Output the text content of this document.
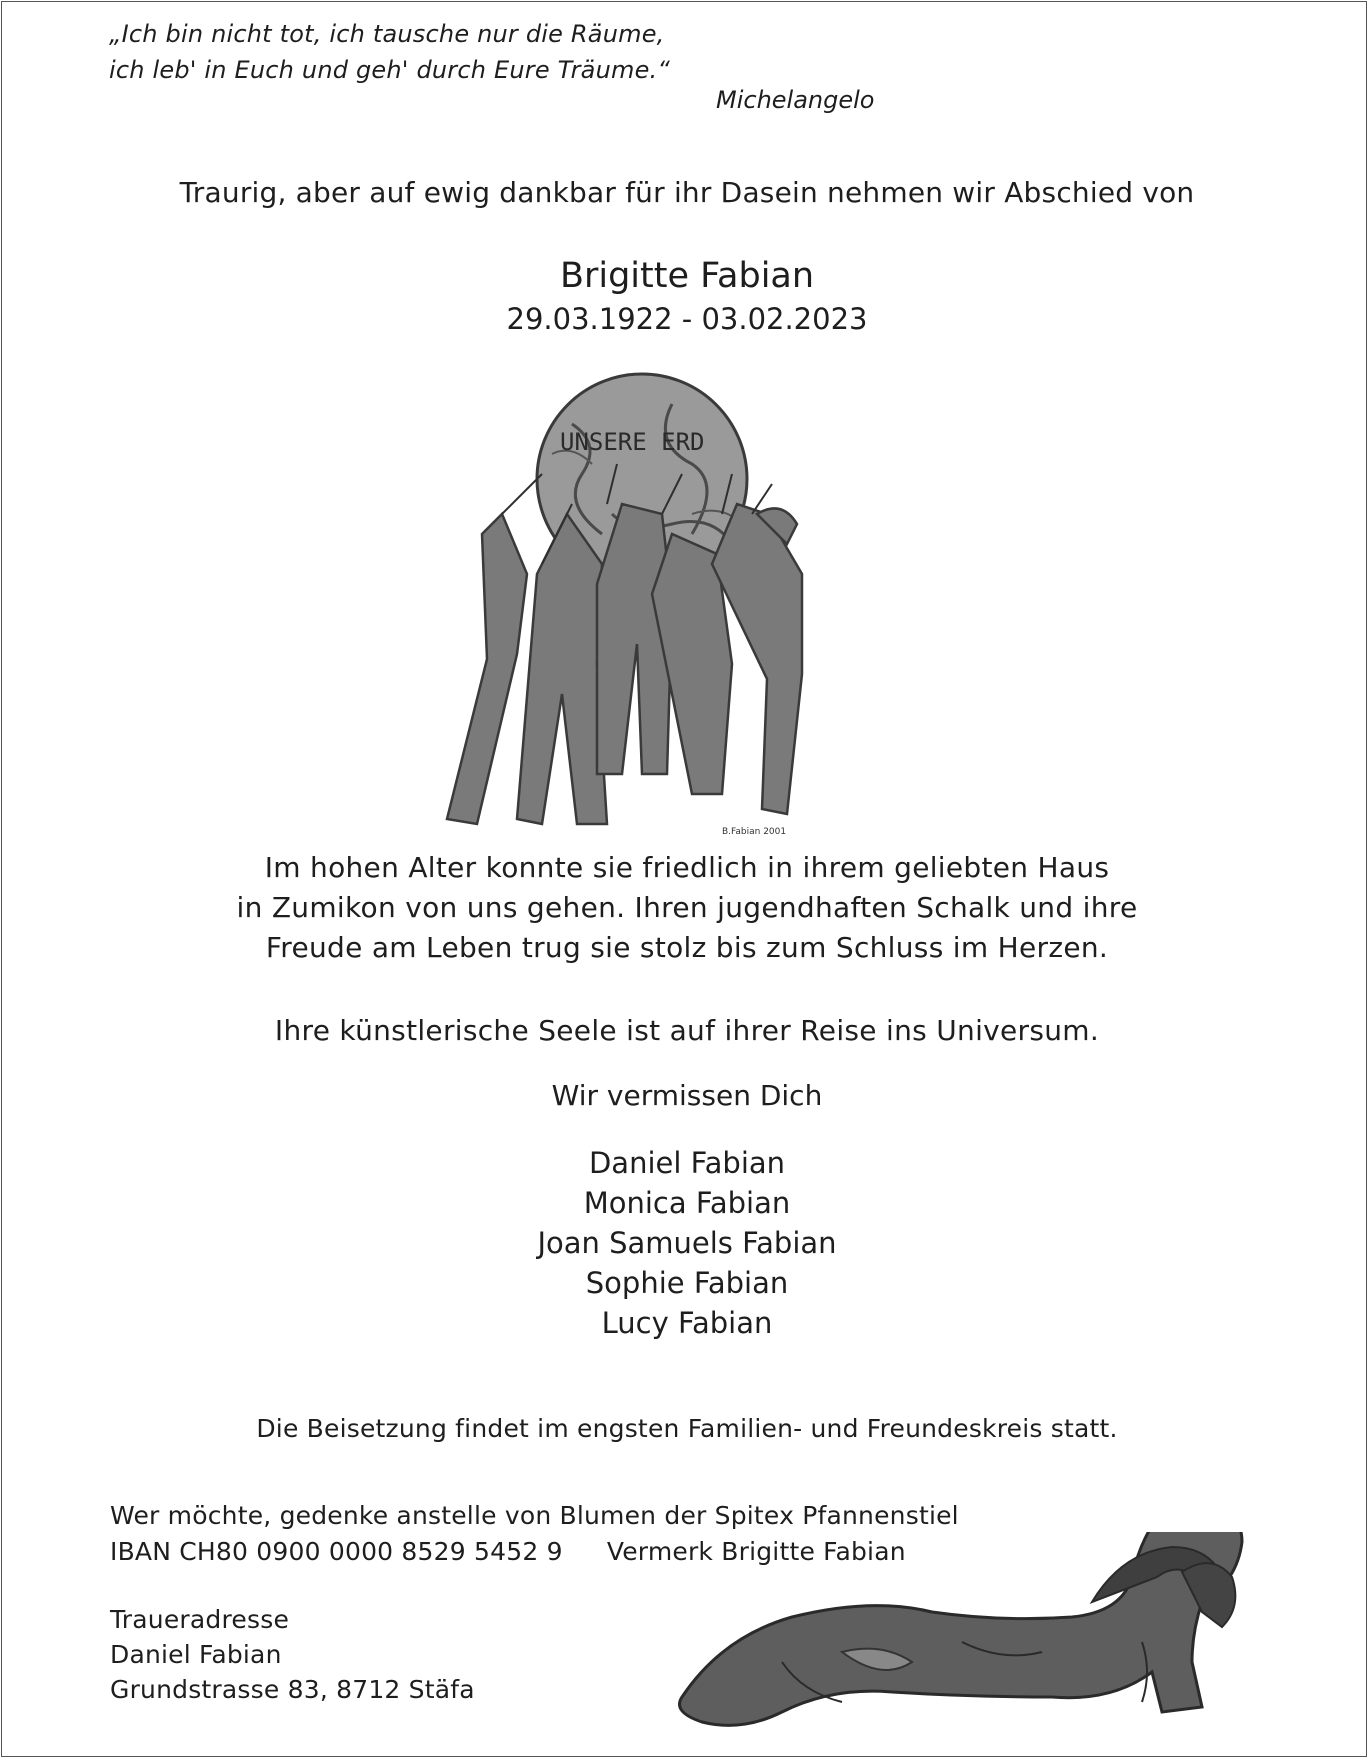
„Ich bin nicht tot, ich tausche nur die Räume,
ich leb' in Euch und geh' durch Eure Träume.“
Michelangelo
Traurig, aber auf ewig dankbar für ihr Dasein nehmen wir Abschied von
Brigitte Fabian
29.03.1922 - 03.02.2023
UNSERE ERD
B.Fabian 2001
Im hohen Alter konnte sie friedlich in ihrem geliebten Haus
in Zumikon von uns gehen. Ihren jugendhaften Schalk und ihre
Freude am Leben trug sie stolz bis zum Schluss im Herzen.
Ihre künstlerische Seele ist auf ihrer Reise ins Universum.
Wir vermissen Dich
Daniel Fabian
Monica Fabian
Joan Samuels Fabian
Sophie Fabian
Lucy Fabian
Die Beisetzung findet im engsten Familien- und Freundeskreis statt.
Wer möchte, gedenke anstelle von Blumen der Spitex Pfannenstiel
IBAN CH80 0900 0000 8529 5452 9 Vermerk Brigitte Fabian
Traueradresse
Daniel Fabian
Grundstrasse 83, 8712 Stäfa
